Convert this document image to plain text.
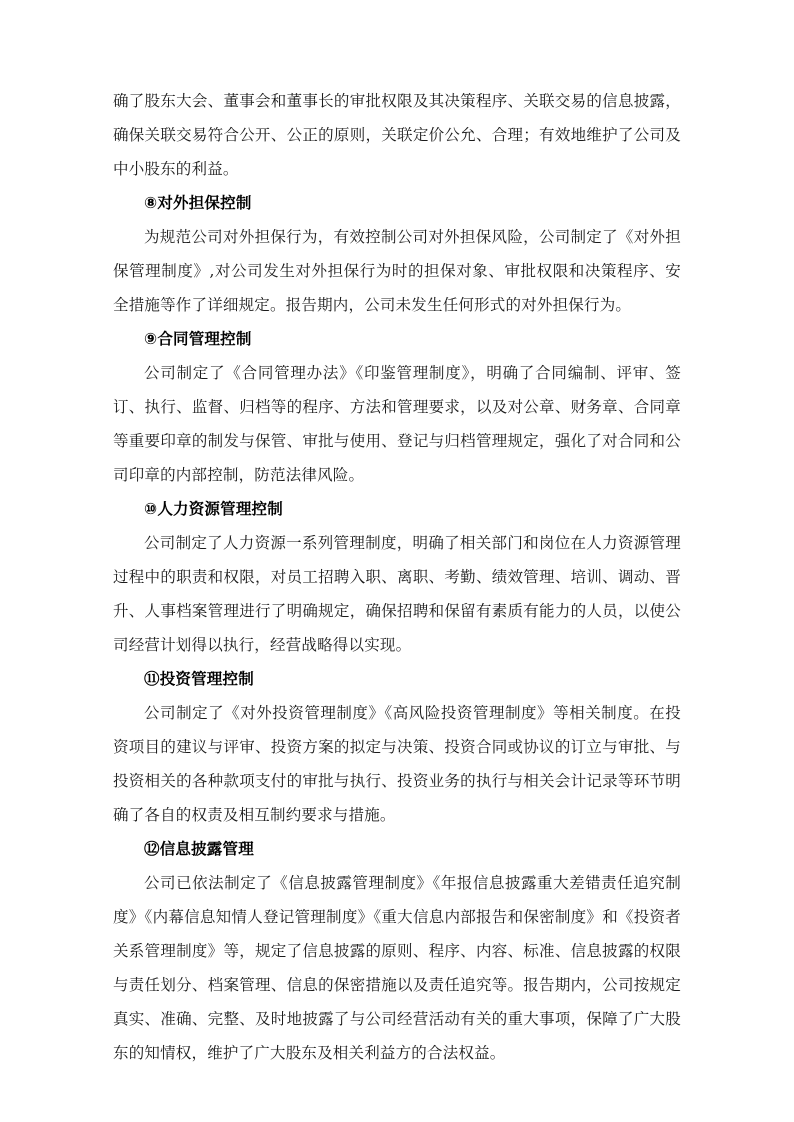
确了股东大会、董事会和董事长的审批权限及其决策程序、关联交易的信息披露，确保关联交易符合公开、公正的原则，关联定价公允、合理；有效地维护了公司及中小股东的利益。

⑧对外担保控制

为规范公司对外担保行为，有效控制公司对外担保风险，公司制定了《对外担保管理制度》,对公司发生对外担保行为时的担保对象、审批权限和决策程序、安全措施等作了详细规定。报告期内，公司未发生任何形式的对外担保行为。

⑨合同管理控制

公司制定了《合同管理办法》《印鉴管理制度》，明确了合同编制、评审、签订、执行、监督、归档等的程序、方法和管理要求，以及对公章、财务章、合同章等重要印章的制发与保管、审批与使用、登记与归档管理规定，强化了对合同和公司印章的内部控制，防范法律风险。

⑩人力资源管理控制

公司制定了人力资源一系列管理制度，明确了相关部门和岗位在人力资源管理过程中的职责和权限，对员工招聘入职、离职、考勤、绩效管理、培训、调动、晋升、人事档案管理进行了明确规定，确保招聘和保留有素质有能力的人员，以使公司经营计划得以执行，经营战略得以实现。

⑪投资管理控制

公司制定了《对外投资管理制度》《高风险投资管理制度》等相关制度。在投资项目的建议与评审、投资方案的拟定与决策、投资合同或协议的订立与审批、与投资相关的各种款项支付的审批与执行、投资业务的执行与相关会计记录等环节明确了各自的权责及相互制约要求与措施。

⑫信息披露管理

公司已依法制定了《信息披露管理制度》《年报信息披露重大差错责任追究制度》《内幕信息知情人登记管理制度》《重大信息内部报告和保密制度》和《投资者关系管理制度》等，规定了信息披露的原则、程序、内容、标准、信息披露的权限与责任划分、档案管理、信息的保密措施以及责任追究等。报告期内，公司按规定真实、准确、完整、及时地披露了与公司经营活动有关的重大事项，保障了广大股东的知情权，维护了广大股东及相关利益方的合法权益。
